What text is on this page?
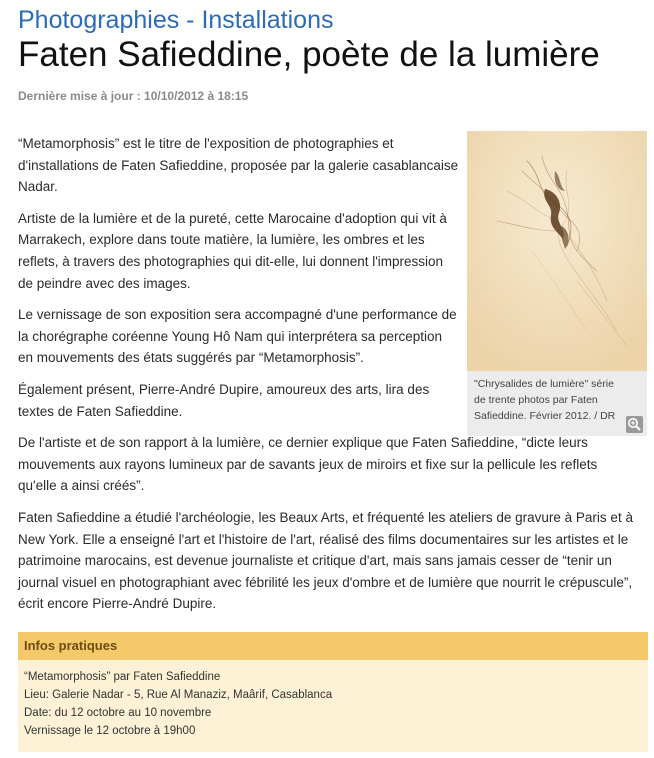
Photographies - Installations
Faten Safieddine, poète de la lumière
Dernière mise à jour : 10/10/2012 à 18:15
"Chrysalides de lumière" série de trente photos par Faten Safieddine. Février 2012. / DR

“Metamorphosis” est le titre de l'exposition de photographies et d'installations de Faten Safieddine, proposée par la galerie casablancaise Nadar.

Artiste de la lumière et de la pureté, cette Marocaine d'adoption qui vit à Marrakech, explore dans toute matière, la lumière, les ombres et les reflets, à travers des photographies qui dit-elle, lui donnent l'impression de peindre avec des images.

Le vernissage de son exposition sera accompagné d'une performance de la chorégraphe coréenne Young Hô Nam qui interprétera sa perception en mouvements des états suggérés par “Metamorphosis”.

Également présent, Pierre-André Dupire, amoureux des arts, lira des textes de Faten Safieddine.

De l'artiste et de son rapport à la lumière, ce dernier explique que Faten Safieddine, “dicte leurs mouvements aux rayons lumineux par de savants jeux de miroirs et fixe sur la pellicule les reflets qu'elle a ainsi créés”.

Faten Safieddine a étudié l'archéologie, les Beaux Arts, et fréquenté les ateliers de gravure à Paris et à New York. Elle a enseigné l'art et l'histoire de l'art, réalisé des films documentaires sur les artistes et le patrimoine marocains, est devenue journaliste et critique d'art, mais sans jamais cesser de “tenir un journal visuel en photographiant avec fébrilité les jeux d'ombre et de lumière que nourrit le crépuscule”, écrit encore Pierre-André Dupire.

Infos pratiques
“Metamorphosis” par Faten Safieddine
Lieu: Galerie Nadar - 5, Rue Al Manaziz, Maârif, Casablanca
Date: du 12 octobre au 10 novembre
Vernissage le 12 octobre à 19h00
